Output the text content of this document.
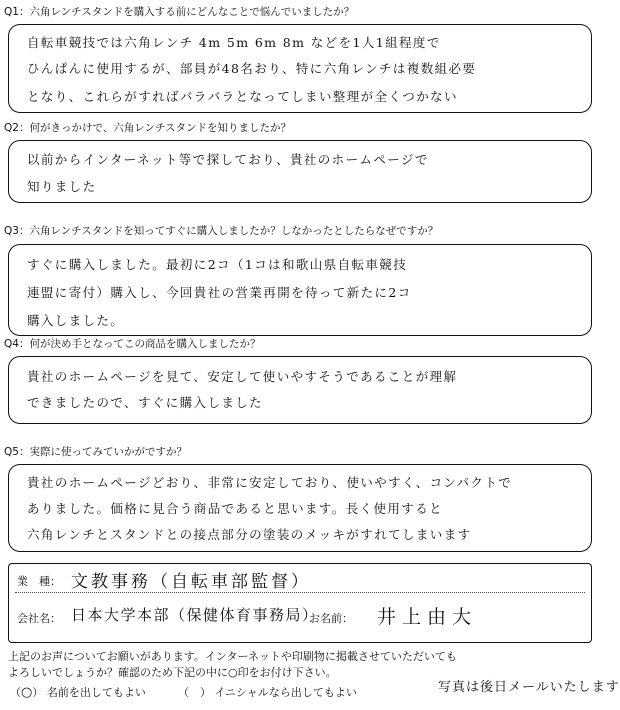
Q1：六角レンチスタンドを購入する前にどんなことで悩んでいましたか？
自転車競技では六角レンチ 4m 5m 6m 8m などを1人1組程度で
ひんぱんに使用するが、部員が48名おり、特に六角レンチは複数組必要
となり、これらがすればバラバラとなってしまい整理が全くつかない
Q2：何がきっかけで、六角レンチスタンドを知りましたか？
以前からインターネット等で探しており、貴社のホームページで
知りました
Q3：六角レンチスタンドを知ってすぐに購入しましたか？しなかったとしたらなぜですか？
すぐに購入しました。最初に2コ（1コは和歌山県自転車競技
連盟に寄付）購入し、今回貴社の営業再開を待って新たに2コ
購入しました。
Q4：何が決め手となってこの商品を購入しましたか？
貴社のホームページを見て、安定して使いやすそうであることが理解
できましたので、すぐに購入しました
Q5：実際に使ってみていかがですか？
貴社のホームページどおり、非常に安定しており、使いやすく、コンパクトで
ありました。価格に見合う商品であると思います。長く使用すると
六角レンチとスタンドとの接点部分の塗装のメッキがすれてしまいます
業　種： 文教事務（自転車部監督）
会社名： 日本大学本部（保健体育事務局）
お名前： 井上由大
上記のお声についてお願いがあります。インターネットや印刷物に掲載させていただいても
よろしいでしょうか？確認のため下記の中に○印をお付け下さい。
（○） 名前を出してもよい	（　） イニシャルなら出してもよい	写真は後日メールいたします
